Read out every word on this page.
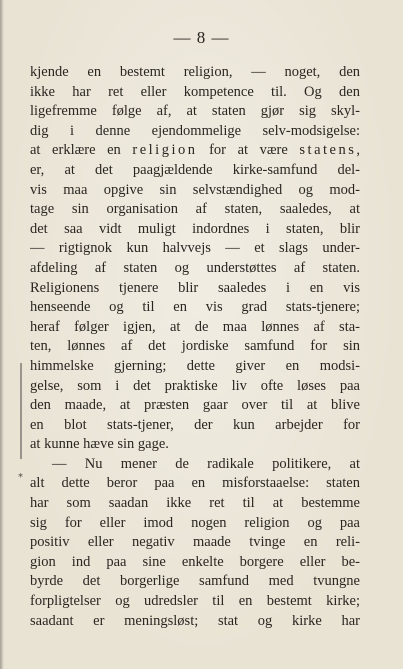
— 8 —
*
kjende en bestemt religion, — noget, den
ikke har ret eller kompetence til. Og den
ligefremme følge af, at staten gjør sig skyl-
dig i denne ejendommelige selv-modsigelse:
at erklære en religion for at være statens,
er, at det paagjældende kirke-samfund del-
vis maa opgive sin selvstændighed og mod-
tage sin organisation af staten, saaledes, at
det saa vidt muligt indordnes i staten, blir
— rigtignok kun halvvejs — et slags under-
afdeling af staten og understøttes af staten.
Religionens tjenere blir saaledes i en vis
henseende og til en vis grad stats-tjenere;
heraf følger igjen, at de maa lønnes af sta-
ten, lønnes af det jordiske samfund for sin
himmelske gjerning; dette giver en modsi-
gelse, som i det praktiske liv ofte løses paa
den maade, at præsten gaar over til at blive
en blot stats-tjener, der kun arbejder for
at kunne hæve sin gage.
— Nu mener de radikale politikere, at
alt dette beror paa en misforstaaelse: staten
har som saadan ikke ret til at bestemme
sig for eller imod nogen religion og paa
positiv eller negativ maade tvinge en reli-
gion ind paa sine enkelte borgere eller be-
byrde det borgerlige samfund med tvungne
forpligtelser og udredsler til en bestemt kirke;
saadant er meningsløst; stat og kirke har
